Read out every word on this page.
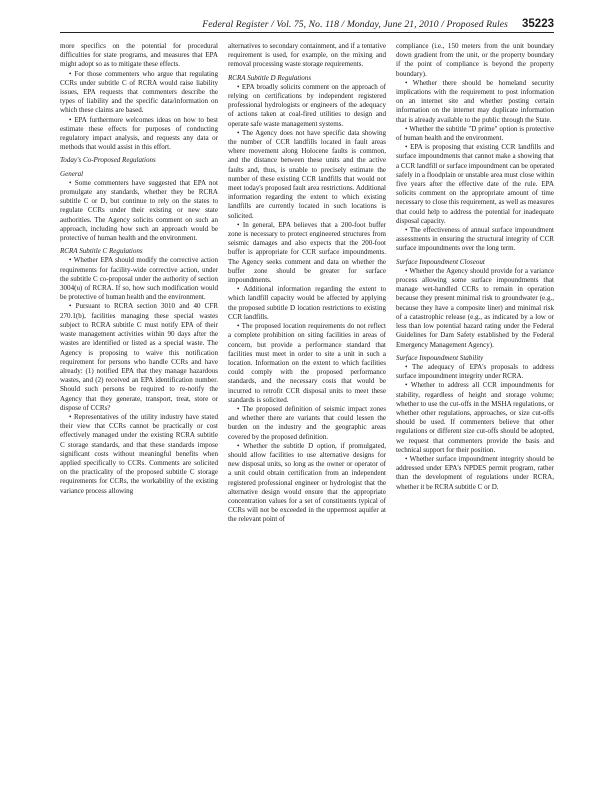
Federal Register / Vol. 75, No. 118 / Monday, June 21, 2010 / Proposed Rules 35223
more specifics on the potential for procedural difficulties for state programs, and measures that EPA might adopt so as to mitigate these effects.
• For those commenters who argue that regulating CCRs under subtitle C of RCRA would raise liability issues, EPA requests that commenters describe the types of liability and the specific data/information on which these claims are based.
• EPA furthermore welcomes ideas on how to best estimate these effects for purposes of conducting regulatory impact analysis, and requests any data or methods that would assist in this effort.
Today's Co-Proposed Regulations
General
• Some commenters have suggested that EPA not promulgate any standards, whether they be RCRA subtitle C or D, but continue to rely on the states to regulate CCRs under their existing or new state authorities. The Agency solicits comment on such an approach, including how such an approach would be protective of human health and the environment.
RCRA Subtitle C Regulations
• Whether EPA should modify the corrective action requirements for facility-wide corrective action, under the subtitle C co-proposal under the authority of section 3004(u) of RCRA. If so, how such modification would be protective of human health and the environment.
• Pursuant to RCRA section 3010 and 40 CFR 270.1(b), facilities managing these special wastes subject to RCRA subtitle C must notify EPA of their waste management activities within 90 days after the wastes are identified or listed as a special waste. The Agency is proposing to waive this notification requirement for persons who handle CCRs and have already: (1) notified EPA that they manage hazardous wastes, and (2) received an EPA identification number. Should such persons be required to re-notify the Agency that they generate, transport, treat, store or dispose of CCRs?
• Representatives of the utility industry have stated their view that CCRs cannot be practically or cost effectively managed under the existing RCRA subtitle C storage standards, and that these standards impose significant costs without meaningful benefits when applied specifically to CCRs. Comments are solicited on the practicality of the proposed subtitle C storage requirements for CCRs, the workability of the existing variance process allowing
alternatives to secondary containment, and if a tentative requirement is used, for example, on the mixing and removal processing waste storage requirements.
RCRA Subtitle D Regulations
• EPA broadly solicits comment on the approach of relying on certifications by independent registered professional hydrologists or engineers of the adequacy of actions taken at coal-fired utilities to design and operate safe waste management systems.
• The Agency does not have specific data showing the number of CCR landfills located in fault areas where movement along Holocene faults is common, and the distance between these units and the active faults and, thus, is unable to precisely estimate the number of these existing CCR landfills that would not meet today's proposed fault area restrictions. Additional information regarding the extent to which existing landfills are currently located in such locations is solicited.
• In general, EPA believes that a 200-foot buffer zone is necessary to protect engineered structures from seismic damages and also expects that the 200-foot buffer is appropriate for CCR surface impoundments. The Agency seeks comment and data on whether the buffer zone should be greater for surface impoundments.
• Additional information regarding the extent to which landfill capacity would be affected by applying the proposed subtitle D location restrictions to existing CCR landfills.
• The proposed location requirements do not reflect a complete prohibition on siting facilities in areas of concern, but provide a performance standard that facilities must meet in order to site a unit in such a location. Information on the extent to which facilities could comply with the proposed performance standards, and the necessary costs that would be incurred to retrofit CCR disposal units to meet these standards is solicited.
• The proposed definition of seismic impact zones and whether there are variants that could lessen the burden on the industry and the geographic areas covered by the proposed definition.
• Whether the subtitle D option, if promulgated, should allow facilities to use alternative designs for new disposal units, so long as the owner or operator of a unit could obtain certification from an independent registered professional engineer or hydrologist that the alternative design would ensure that the appropriate concentration values for a set of constituents typical of CCRs will not be exceeded in the uppermost aquifer at the relevant point of
compliance (i.e., 150 meters from the unit boundary down gradient from the unit, or the property boundary if the point of compliance is beyond the property boundary).
• Whether there should be homeland security implications with the requirement to post information on an internet site and whether posting certain information on the internet may duplicate information that is already available to the public through the State.
• Whether the subtitle "D prime" option is protective of human health and the environment.
• EPA is proposing that existing CCR landfills and surface impoundments that cannot make a showing that a CCR landfill or surface impoundment can be operated safely in a floodplain or unstable area must close within five years after the effective date of the rule. EPA solicits comment on the appropriate amount of time necessary to close this requirement, as well as measures that could help to address the potential for inadequate disposal capacity.
• The effectiveness of annual surface impoundment assessments in ensuring the structural integrity of CCR surface impoundments over the long term.
Surface Impoundment Closeout
• Whether the Agency should provide for a variance process allowing some surface impoundments that manage wet-handled CCRs to remain in operation because they present minimal risk to groundwater (e.g., because they have a composite liner) and minimal risk of a catastrophic release (e.g., as indicated by a low or less than low potential hazard rating under the Federal Guidelines for Dam Safety established by the Federal Emergency Management Agency).
Surface Impoundment Stability
• The adequacy of EPA's proposals to address surface impoundment integrity under RCRA.
• Whether to address all CCR impoundments for stability, regardless of height and storage volume; whether to use the cut-offs in the MSHA regulations, or whether other regulations, approaches, or size cut-offs should be used. If commenters believe that other regulations or different size cut-offs should be adopted, we request that commenters provide the basis and technical support for their position.
• Whether surface impoundment integrity should be addressed under EPA's NPDES permit program, rather than the development of regulations under RCRA, whether it be RCRA subtitle C or D.
